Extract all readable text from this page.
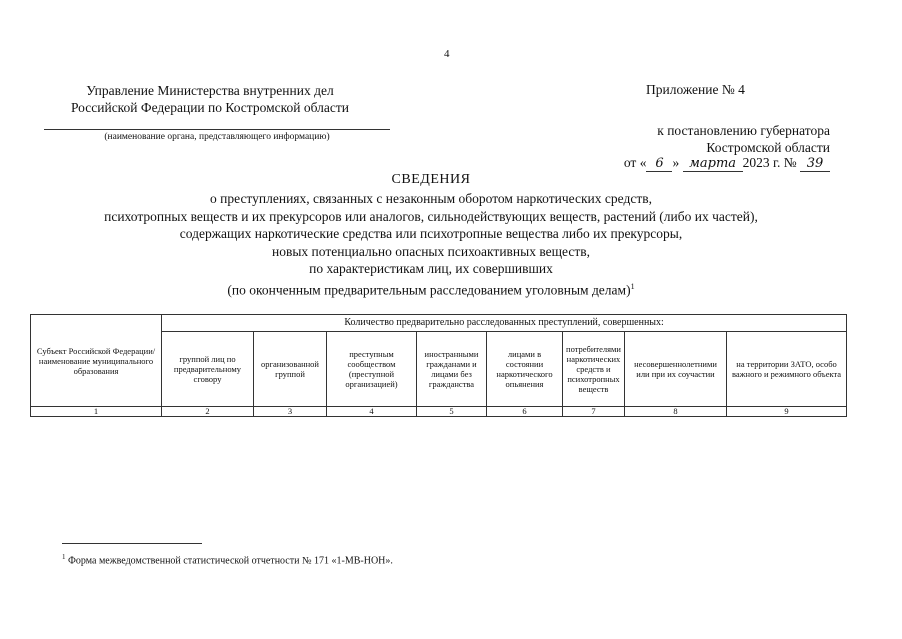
4
Управление Министерства внутренних дел
Российской Федерации по Костромской области
(наименование органа, представляющего информацию)
Приложение № 4
к постановлению губернатора
Костромской области
от « 6 » марта 2023 г. № 39
СВЕДЕНИЯ
о преступлениях, связанных с незаконным оборотом наркотических средств,
психотропных веществ и их прекурсоров или аналогов, сильнодействующих веществ, растений (либо их частей),
содержащих наркотические средства или психотропные вещества либо их прекурсоры,
новых потенциально опасных психоактивных веществ,
по характеристикам лиц, их совершивших
(по оконченным предварительным расследованием уголовным делам)$^1$
Субъект Российской Федерации/ наименование муниципального образования	Количество предварительно расследованных преступлений, совершенных:							
	группой лиц по предварительному сговору	организованной группой	преступным сообществом (преступной организацией)	иностранными гражданами и лицами без гражданства	лицами в состоянии наркотического опьянения	потребителями наркотических средств и психотропных веществ	несовершеннолетними или при их соучастии	на территории ЗАТО, особо важного и режимного объекта
1	2	3	4	5	6	7	8	9
$^1$ Форма межведомственной статистической отчетности № 171 «1-МВ-НОН».
